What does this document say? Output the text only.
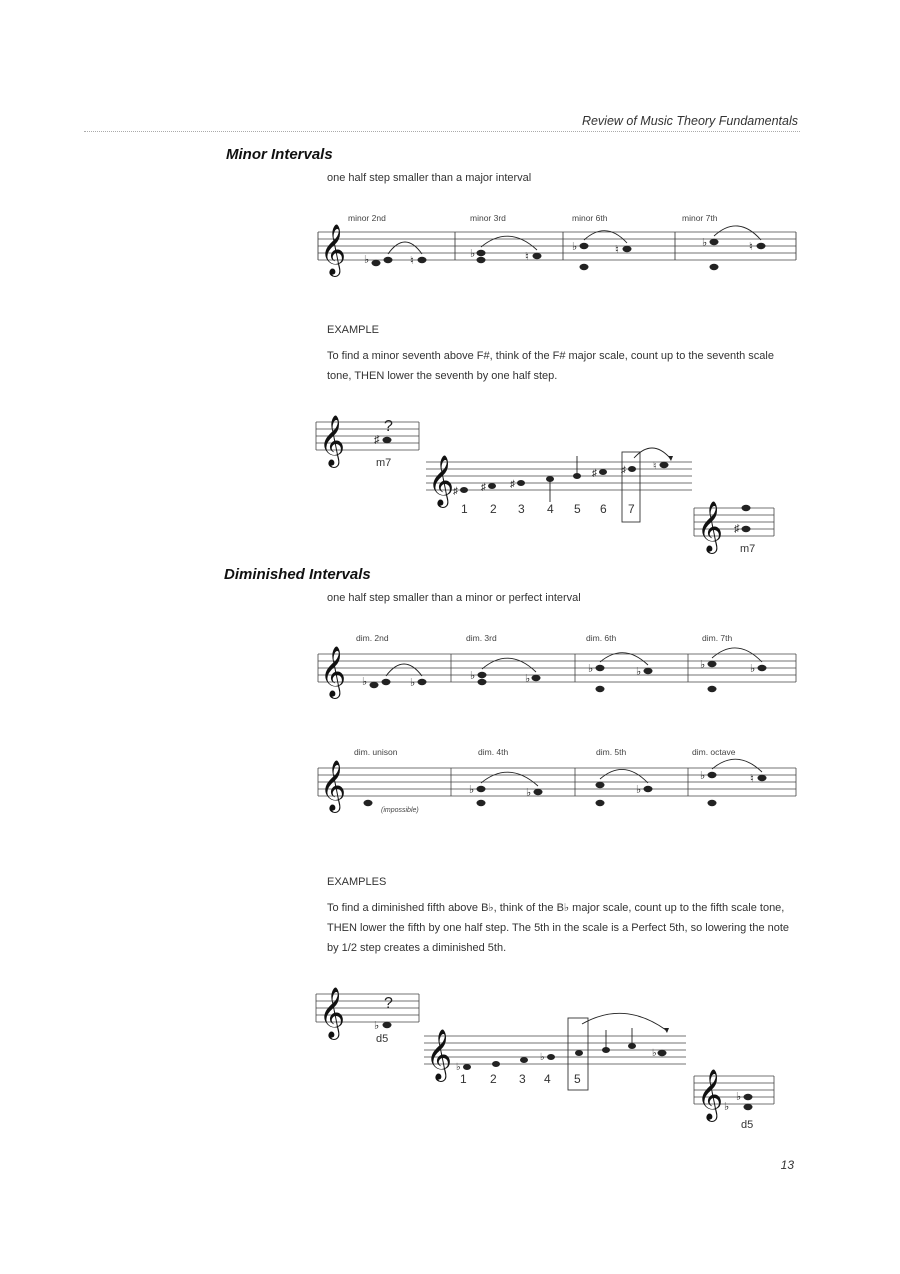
Review of Music Theory Fundamentals
Minor Intervals
one half step smaller than a major interval
𝄞
minor 2nd	minor 3rd	minor 6th	minor 7th
♭	♮
♭	♮
♭	♮
♭	♮
EXAMPLE
To find a minor seventh above F#, think of the F# major scale, count up to the seventh scale
tone, THEN lower the seventh by one half step.
𝄞 ?
♯
m7 𝄞
♯ ♯ ♯
♯ ♯	♮
1 2 3 4 5 6 7 𝄞 ♯
m7
Diminished Intervals
one half step smaller than a minor or perfect interval
𝄞
dim. 2nd	dim. 3rd	dim. 6th	dim. 7th
♭	♭
♭	♭
♭	♭
♭	♭
𝄞
dim. unison	dim. 4th	dim. 5th	dim. octave
(impossible)
♭	♭	♭
♭	♮
EXAMPLES
To find a diminished fifth above B♭, think of the B♭ major scale, count up to the fifth scale tone,
THEN lower the fifth by one half step. The 5th in the scale is a Perfect 5th, so lowering the note
by 1/2 step creates a diminished 5th.
𝄞 ?
♭
d5 𝄞 ♭
♭	♭
1 2 3 4 5	𝄞 ♭
♭
d5
13
